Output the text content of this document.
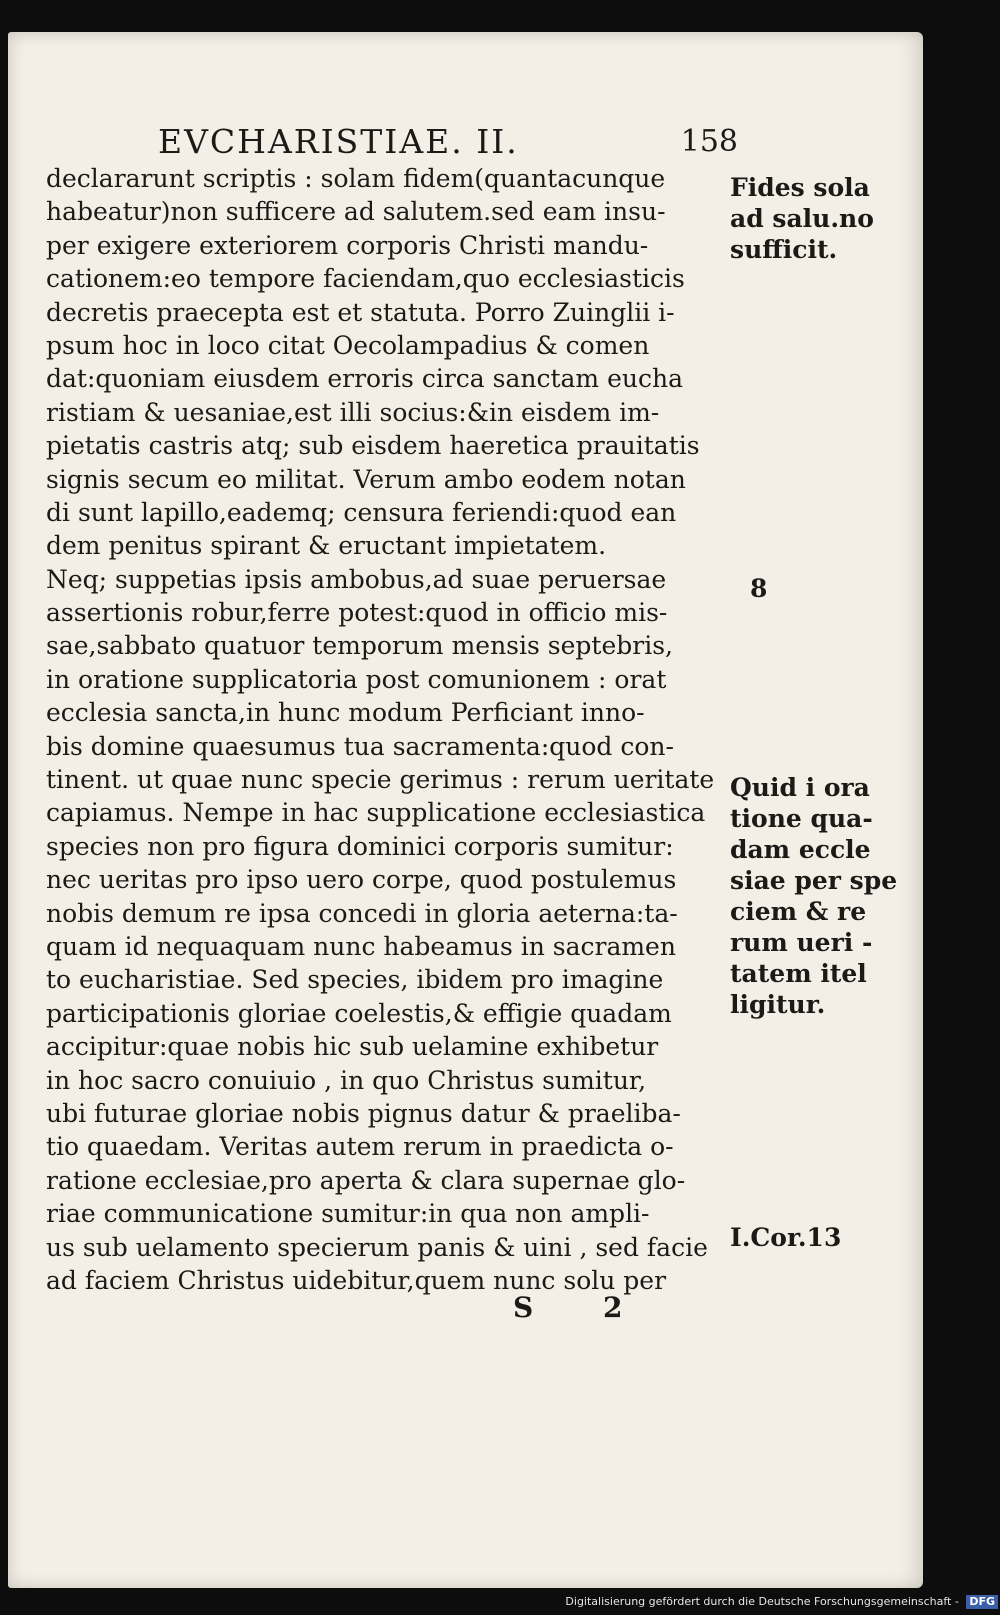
EVCHARISTIAE. II.	158
declararunt scriptis : solam fidem(quantacunque
habeatur)non sufficere ad salutem.sed eam insu-
per exigere exteriorem corporis Christi mandu-
cationem:eo tempore faciendam,quo ecclesiasticis
decretis praecepta est et statuta. Porro Zuinglii i-
psum hoc in loco citat Oecolampadius & comen
dat:quoniam eiusdem erroris circa sanctam eucha
ristiam & uesaniae,est illi socius:&in eisdem im-
pietatis castris atq; sub eisdem haeretica prauitatis
signis secum eo militat. Verum ambo eodem notan
di sunt lapillo,eademq; censura feriendi:quod ean
dem penitus spirant & eructant impietatem.
Neq; suppetias ipsis ambobus,ad suae peruersae
assertionis robur,ferre potest:quod in officio mis-
sae,sabbato quatuor temporum mensis septebris,
in oratione supplicatoria post comunionem : orat
ecclesia sancta,in hunc modum Perficiant inno-
bis domine quaesumus tua sacramenta:quod con-
tinent. ut quae nunc specie gerimus : rerum ueritate
capiamus. Nempe in hac supplicatione ecclesiastica
species non pro figura dominici corporis sumitur:
nec ueritas pro ipso uero corpe, quod postulemus
nobis demum re ipsa concedi in gloria aeterna:ta-
quam id nequaquam nunc habeamus in sacramen
to eucharistiae. Sed species, ibidem pro imagine
participationis gloriae coelestis,& effigie quadam
accipitur:quae nobis hic sub uelamine exhibetur
in hoc sacro conuiuio , in quo Christus sumitur,
ubi futurae gloriae nobis pignus datur & praeliba-
tio quaedam. Veritas autem rerum in praedicta o-
ratione ecclesiae,pro aperta & clara supernae glo-
riae communicatione sumitur:in qua non ampli-
us sub uelamento specierum panis & uini , sed facie
ad faciem Christus uidebitur,quem nunc solu per
Fides sola
ad salu.no
sufficit.
8
Quid i ora
tione qua-
dam eccle
siae per spe
ciem & re
rum ueri -
tatem itel
ligitur.
I.Cor.13
S 2
Digitalisierung gefördert durch die Deutsche Forschungsgemeinschaft - DFG
